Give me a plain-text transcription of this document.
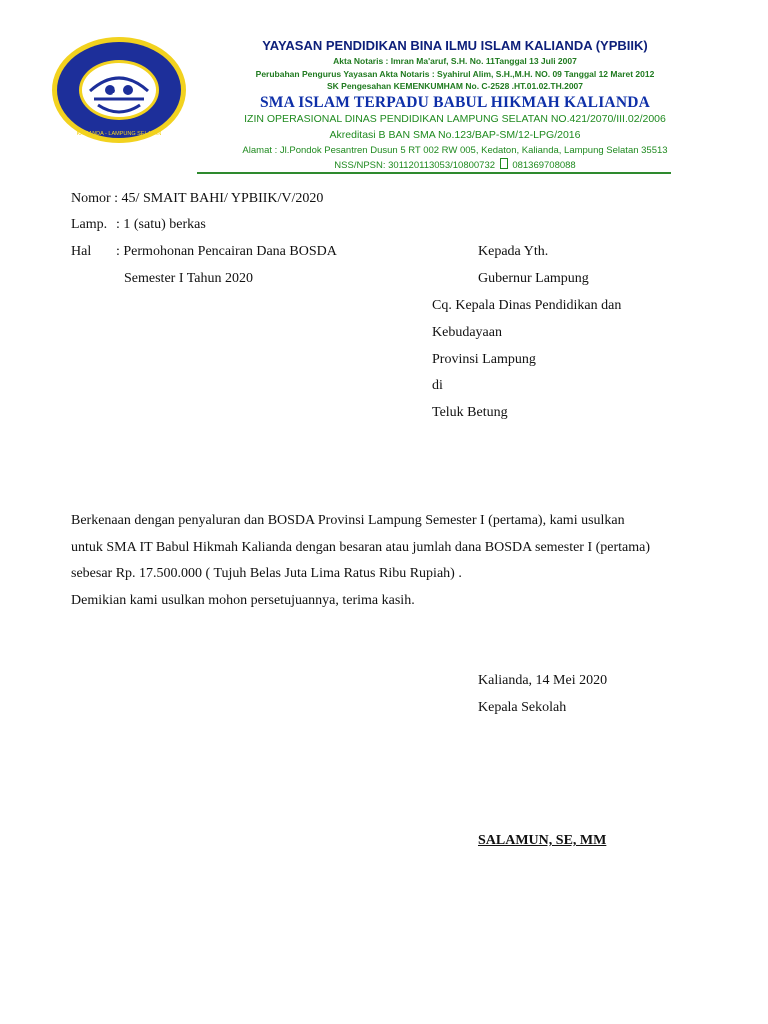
JIL
KALIANDA - LAMPUNG SELATAN
YAYASAN PENDIDIKAN BINA ILMU ISLAM KALIANDA (YPBIIK)
Akta Notaris : Imran Ma'aruf, S.H. No. 11Tanggal 13 Juli 2007
Perubahan Pengurus Yayasan Akta Notaris : Syahirul Alim, S.H.,M.H. NO. 09 Tanggal 12 Maret 2012
SK Pengesahan KEMENKUMHAM No. C-2528 .HT.01.02.TH.2007
SMA ISLAM TERPADU BABUL HIKMAH KALIANDA
IZIN OPERASIONAL DINAS PENDIDIKAN LAMPUNG SELATAN NO.421/2070/III.02/2006
Akreditasi B BAN SMA No.123/BAP-SM/12-LPG/2016
Alamat : Jl.Pondok Pesantren Dusun 5 RT 002 RW 005, Kedaton, Kalianda, Lampung Selatan 35513
NSS/NPSN: 301120113053/10800732 081369708088
Nomor : 45/ SMAIT BAHI/ YPBIIK/V/2020
Lamp. : 1 (satu) berkas
Hal : Permohonan Pencairan Dana BOSDA
Semester I Tahun 2020
Kepada Yth.
Gubernur Lampung
Cq. Kepala Dinas Pendidikan dan
Kebudayaan
Provinsi Lampung
di
Teluk Betung
Berkenaan dengan penyaluran dan BOSDA Provinsi Lampung Semester I (pertama), kami usulkan
untuk SMA IT Babul Hikmah Kalianda dengan besaran atau jumlah dana BOSDA semester I (pertama)
sebesar Rp. 17.500.000 ( Tujuh Belas Juta Lima Ratus Ribu Rupiah) .
Demikian kami usulkan mohon persetujuannya, terima kasih.
Kalianda, 14 Mei 2020
Kepala Sekolah
SALAMUN, SE, MM
